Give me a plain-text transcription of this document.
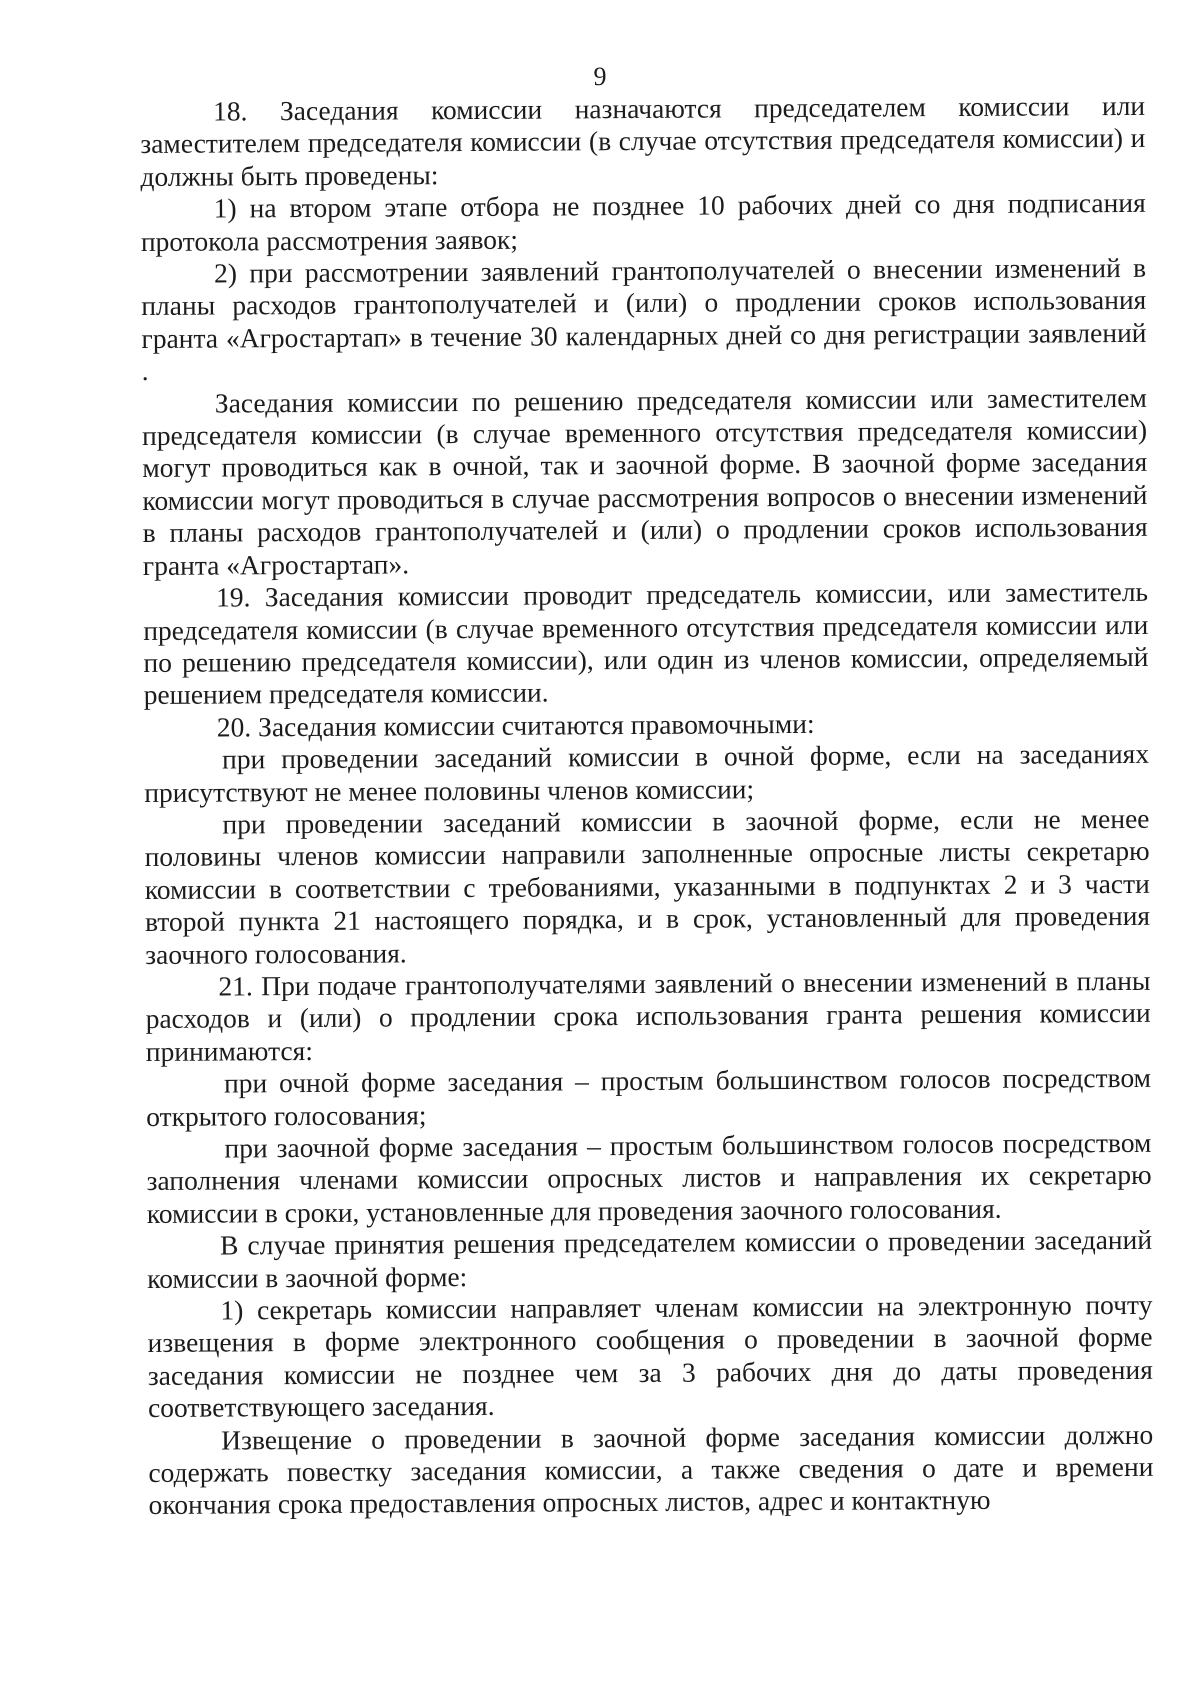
9

18. Заседания комиссии назначаются председателем комиссии или заместителем председателя комиссии (в случае отсутствия председателя комиссии) и должны быть проведены:

1) на втором этапе отбора не позднее 10 рабочих дней со дня подписания протокола рассмотрения заявок;

2) при рассмотрении заявлений грантополучателей о внесении изменений в планы расходов грантополучателей и (или) о продлении сроков использования гранта «Агростартап» в течение 30 календарных дней со дня регистрации заявлений .

Заседания комиссии по решению председателя комиссии или заместителем председателя комиссии (в случае временного отсутствия председателя комиссии) могут проводиться как в очной, так и заочной форме. В заочной форме заседания комиссии могут проводиться в случае рассмотрения вопросов о внесении изменений в планы расходов грантополучателей и (или) о продлении сроков использования гранта «Агростартап».

19. Заседания комиссии проводит председатель комиссии, или заместитель председателя комиссии (в случае временного отсутствия председателя комиссии или по решению председателя комиссии), или один из членов комиссии, определяемый решением председателя комиссии.

20. Заседания комиссии считаются правомочными:

при проведении заседаний комиссии в очной форме, если на заседаниях присутствуют не менее половины членов комиссии;

при проведении заседаний комиссии в заочной форме, если не менее половины членов комиссии направили заполненные опросные листы секретарю комиссии в соответствии с требованиями, указанными в подпунктах 2 и 3 части второй пункта 21 настоящего порядка, и в срок, установленный для проведения заочного голосования.

21. При подаче грантополучателями заявлений о внесении изменений в планы расходов и (или) о продлении срока использования гранта решения комиссии принимаются:

при очной форме заседания – простым большинством голосов посредством открытого голосования;

при заочной форме заседания – простым большинством голосов посредством заполнения членами комиссии опросных листов и направления их секретарю комиссии в сроки, установленные для проведения заочного голосования.

В случае принятия решения председателем комиссии о проведении заседаний комиссии в заочной форме:

1) секретарь комиссии направляет членам комиссии на электронную почту извещения в форме электронного сообщения о проведении в заочной форме заседания комиссии не позднее чем за 3 рабочих дня до даты проведения соответствующего заседания.

Извещение о проведении в заочной форме заседания комиссии должно содержать повестку заседания комиссии, а также сведения о дате и времени окончания срока предоставления опросных листов, адрес и контактную
